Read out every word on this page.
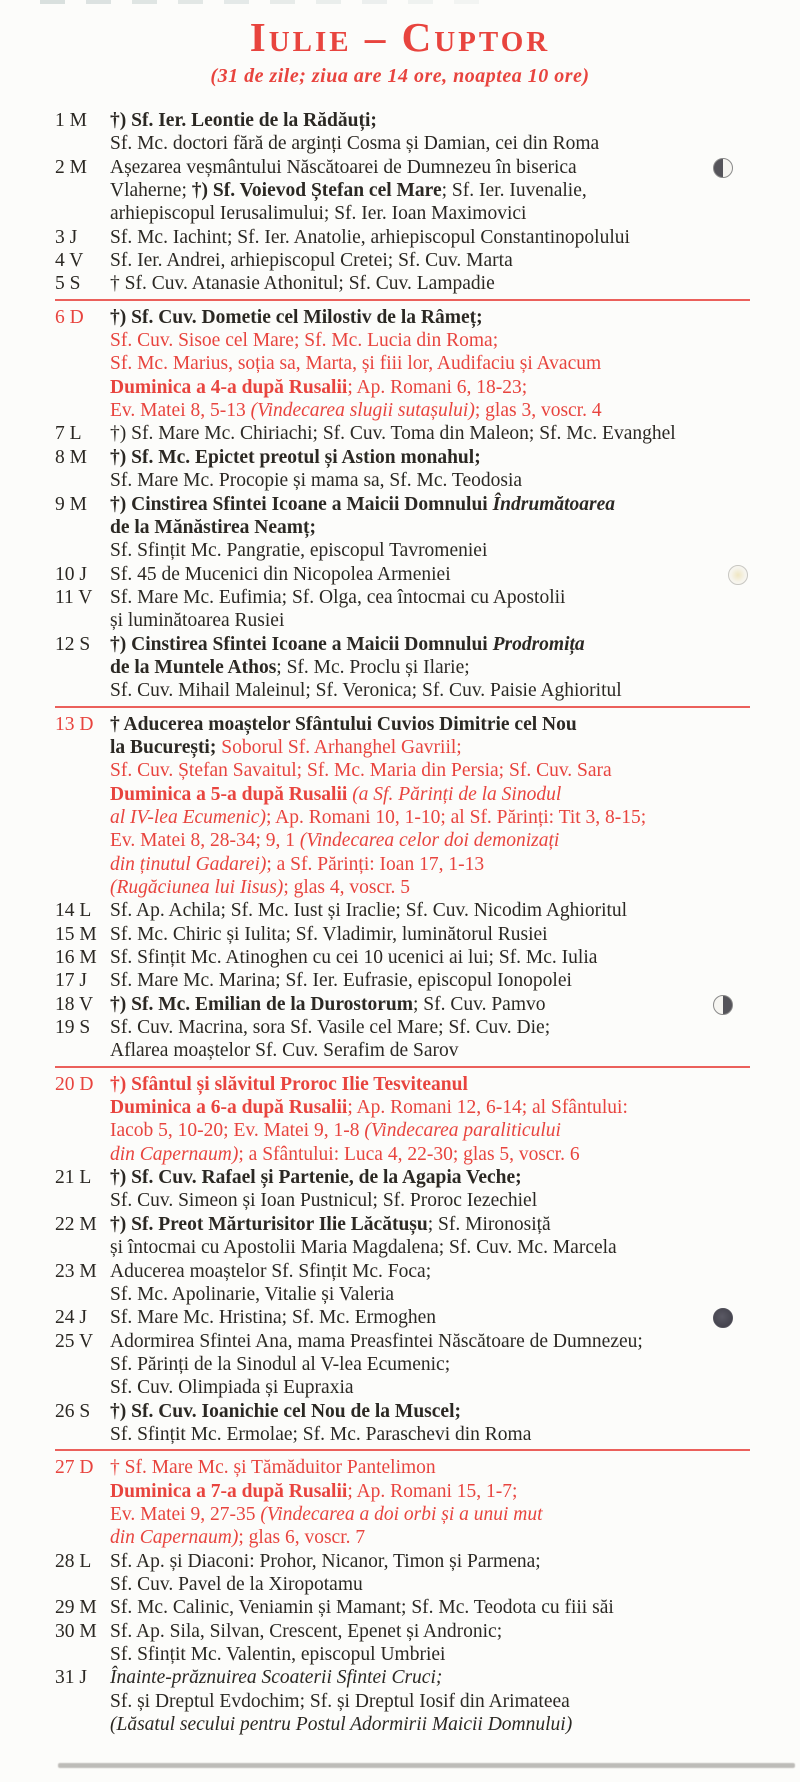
Iulie – Cuptor
(31 de zile; ziua are 14 ore, noaptea 10 ore)
1 M	†) Sf. Ier. Leontie de la Rădăuți;
Sf. Mc. doctori fără de arginți Cosma și Damian, cei din Roma
2 M	Așezarea veșmântului Născătoarei de Dumnezeu în biserica
Vlaherne; †) Sf. Voievod Ștefan cel Mare; Sf. Ier. Iuvenalie,
arhiepiscopul Ierusalimului; Sf. Ier. Ioan Maximovici
3 J	Sf. Mc. Iachint; Sf. Ier. Anatolie, arhiepiscopul Constantinopolului
4 V	Sf. Ier. Andrei, arhiepiscopul Cretei; Sf. Cuv. Marta
5 S	† Sf. Cuv. Atanasie Athonitul; Sf. Cuv. Lampadie
6 D	†) Sf. Cuv. Dometie cel Milostiv de la Râmeț;
Sf. Cuv. Sisoe cel Mare; Sf. Mc. Lucia din Roma;
Sf. Mc. Marius, soția sa, Marta, și fiii lor, Audifaciu și Avacum
Duminica a 4-a după Rusalii; Ap. Romani 6, 18-23;
Ev. Matei 8, 5-13 (Vindecarea slugii sutașului); glas 3, voscr. 4
7 L	†) Sf. Mare Mc. Chiriachi; Sf. Cuv. Toma din Maleon; Sf. Mc. Evanghel
8 M	†) Sf. Mc. Epictet preotul și Astion monahul;
Sf. Mare Mc. Procopie și mama sa, Sf. Mc. Teodosia
9 M	†) Cinstirea Sfintei Icoane a Maicii Domnului Îndrumătoarea
de la Mănăstirea Neamț;
Sf. Sfințit Mc. Pangratie, episcopul Tavromeniei
10 J	Sf. 45 de Mucenici din Nicopolea Armeniei
11 V Sf. Mare Mc. Eufimia; Sf. Olga, cea întocmai cu Apostolii
și luminătoarea Rusiei
12 S	†) Cinstirea Sfintei Icoane a Maicii Domnului Prodromița
de la Muntele Athos; Sf. Mc. Proclu și Ilarie;
Sf. Cuv. Mihail Maleinul; Sf. Veronica; Sf. Cuv. Paisie Aghioritul
13 D † Aducerea moaștelor Sfântului Cuvios Dimitrie cel Nou
la București; Soborul Sf. Arhanghel Gavriil;
Sf. Cuv. Ștefan Savaitul; Sf. Mc. Maria din Persia; Sf. Cuv. Sara
Duminica a 5-a după Rusalii (a Sf. Părinți de la Sinodul
al IV-lea Ecumenic); Ap. Romani 10, 1-10; al Sf. Părinți: Tit 3, 8-15;
Ev. Matei 8, 28-34; 9, 1 (Vindecarea celor doi demonizați
din ținutul Gadarei); a Sf. Părinți: Ioan 17, 1-13
(Rugăciunea lui Iisus); glas 4, voscr. 5
14 L Sf. Ap. Achila; Sf. Mc. Iust și Iraclie; Sf. Cuv. Nicodim Aghioritul
15 M Sf. Mc. Chiric și Iulita; Sf. Vladimir, luminătorul Rusiei
16 M Sf. Sfințit Mc. Atinoghen cu cei 10 ucenici ai lui; Sf. Mc. Iulia
17 J	Sf. Mare Mc. Marina; Sf. Ier. Eufrasie, episcopul Ionopolei
18 V †) Sf. Mc. Emilian de la Durostorum; Sf. Cuv. Pamvo
19 S	Sf. Cuv. Macrina, sora Sf. Vasile cel Mare; Sf. Cuv. Die;
Aflarea moaștelor Sf. Cuv. Serafim de Sarov
20 D †) Sfântul și slăvitul Proroc Ilie Tesviteanul
Duminica a 6-a după Rusalii; Ap. Romani 12, 6-14; al Sfântului:
Iacob 5, 10-20; Ev. Matei 9, 1-8 (Vindecarea paraliticului
din Capernaum); a Sfântului: Luca 4, 22-30; glas 5, voscr. 6
21 L †) Sf. Cuv. Rafael și Partenie, de la Agapia Veche;
Sf. Cuv. Simeon și Ioan Pustnicul; Sf. Proroc Iezechiel
22 M †) Sf. Preot Mărturisitor Ilie Lăcătușu; Sf. Mironosiță
și întocmai cu Apostolii Maria Magdalena; Sf. Cuv. Mc. Marcela
23 M Aducerea moaștelor Sf. Sfințit Mc. Foca;
Sf. Mc. Apolinarie, Vitalie și Valeria
24 J	Sf. Mare Mc. Hristina; Sf. Mc. Ermoghen
25 V Adormirea Sfintei Ana, mama Preasfintei Născătoare de Dumnezeu;
Sf. Părinți de la Sinodul al V-lea Ecumenic;
Sf. Cuv. Olimpiada și Eupraxia
26 S	†) Sf. Cuv. Ioanichie cel Nou de la Muscel;
Sf. Sfințit Mc. Ermolae; Sf. Mc. Paraschevi din Roma
27 D † Sf. Mare Mc. și Tămăduitor Pantelimon
Duminica a 7-a după Rusalii; Ap. Romani 15, 1-7;
Ev. Matei 9, 27-35 (Vindecarea a doi orbi și a unui mut
din Capernaum); glas 6, voscr. 7
28 L Sf. Ap. și Diaconi: Prohor, Nicanor, Timon și Parmena;
Sf. Cuv. Pavel de la Xiropotamu
29 M Sf. Mc. Calinic, Veniamin și Mamant; Sf. Mc. Teodota cu fiii săi
30 M Sf. Ap. Sila, Silvan, Crescent, Epenet și Andronic;
Sf. Sfințit Mc. Valentin, episcopul Umbriei
31 J	Înainte-prăznuirea Scoaterii Sfintei Cruci;
Sf. și Dreptul Evdochim; Sf. și Dreptul Iosif din Arimateea
(Lăsatul secului pentru Postul Adormirii Maicii Domnului)
